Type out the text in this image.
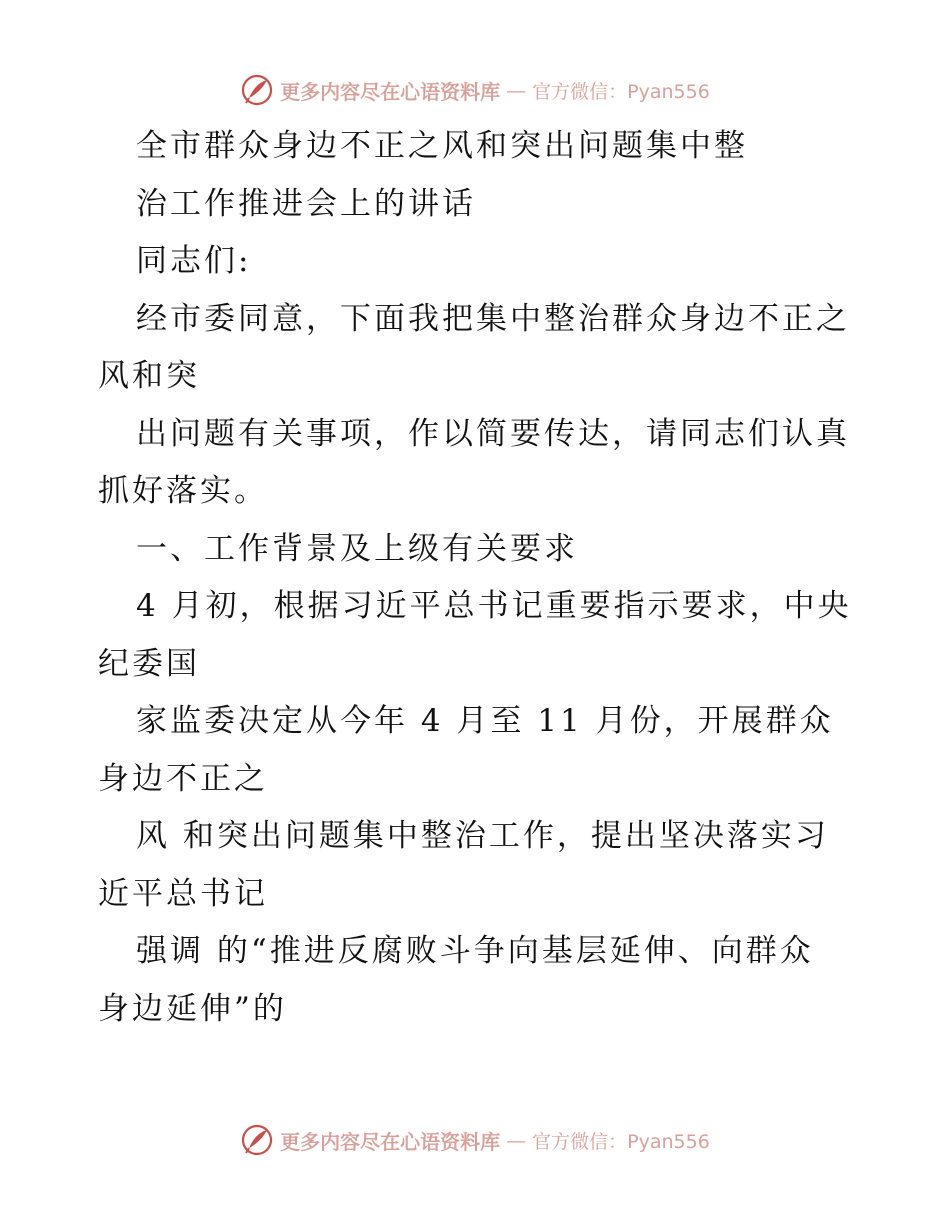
更多内容尽在心语资料库 — 官方微信：Pyan556
全市群众身边不正之风和突出问题集中整
治工作推进会上的讲话
同志们:
经市委同意，下面我把集中整治群众身边不正之
风和突
出问题有关事项，作以简要传达，请同志们认真
抓好落实。
一、工作背景及上级有关要求
4 月初，根据习近平总书记重要指示要求，中央
纪委国
家监委决定从今年 4 月至 11 月份，开展群众
身边不正之
风 和突出问题集中整治工作，提出坚决落实习
近平总书记
强调 的“推进反腐败斗争向基层延伸、向群众
身边延伸”的
更多内容尽在心语资料库 — 官方微信：Pyan556
